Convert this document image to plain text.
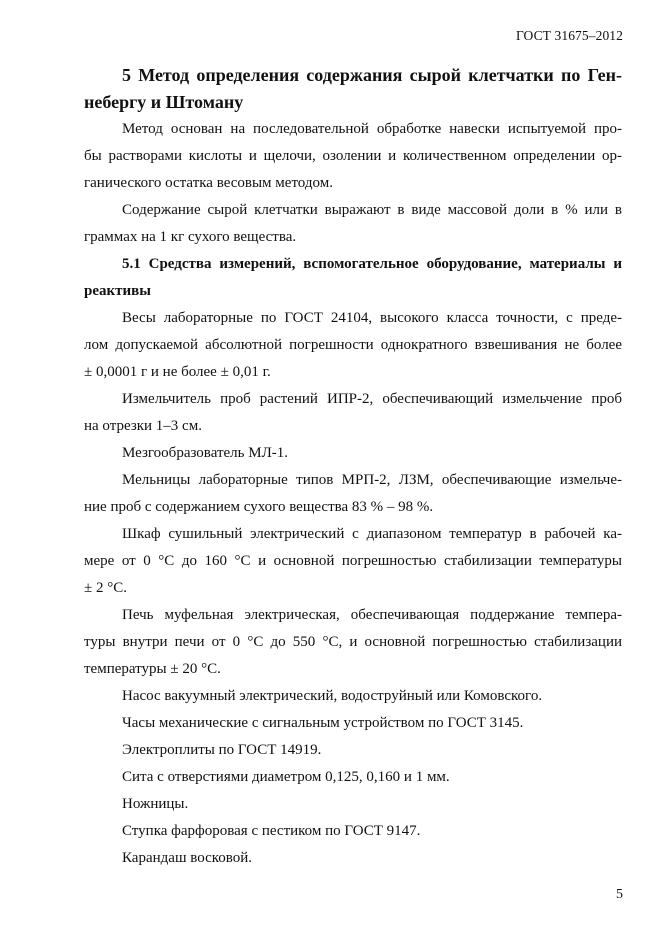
ГОСТ 31675–2012
5 Метод определения содержания сырой клетчатки по Ген-
небергу и Штоману
Метод основан на последовательной обработке навески испытуемой про-
бы растворами кислоты и щелочи, озолении и количественном определении ор-
ганического остатка весовым методом.
Содержание сырой клетчатки выражают в виде массовой доли в % или в
граммах на 1 кг сухого вещества.
5.1 Средства измерений, вспомогательное оборудование, материалы и
реактивы
Весы лабораторные по ГОСТ 24104, высокого класса точности, с преде-
лом допускаемой абсолютной погрешности однократного взвешивания не более
± 0,0001 г и не более ± 0,01 г.
Измельчитель проб растений ИПР-2, обеспечивающий измельчение проб
на отрезки 1–3 см.
Мезгообразователь МЛ-1.
Мельницы лабораторные типов МРП-2, ЛЗМ, обеспечивающие измельче-
ние проб с содержанием сухого вещества 83 % – 98 %.
Шкаф сушильный электрический с диапазоном температур в рабочей ка-
мере от 0 °С до 160 °С и основной погрешностью стабилизации температуры
± 2 °С.
Печь муфельная электрическая, обеспечивающая поддержание темпера-
туры внутри печи от 0 °С до 550 °С, и основной погрешностью стабилизации
температуры ± 20 °С.
Насос вакуумный электрический, водоструйный или Комовского.
Часы механические с сигнальным устройством по ГОСТ 3145.
Электроплиты по ГОСТ 14919.
Сита с отверстиями диаметром 0,125, 0,160 и 1 мм.
Ножницы.
Ступка фарфоровая с пестиком по ГОСТ 9147.
Карандаш восковой.
5
